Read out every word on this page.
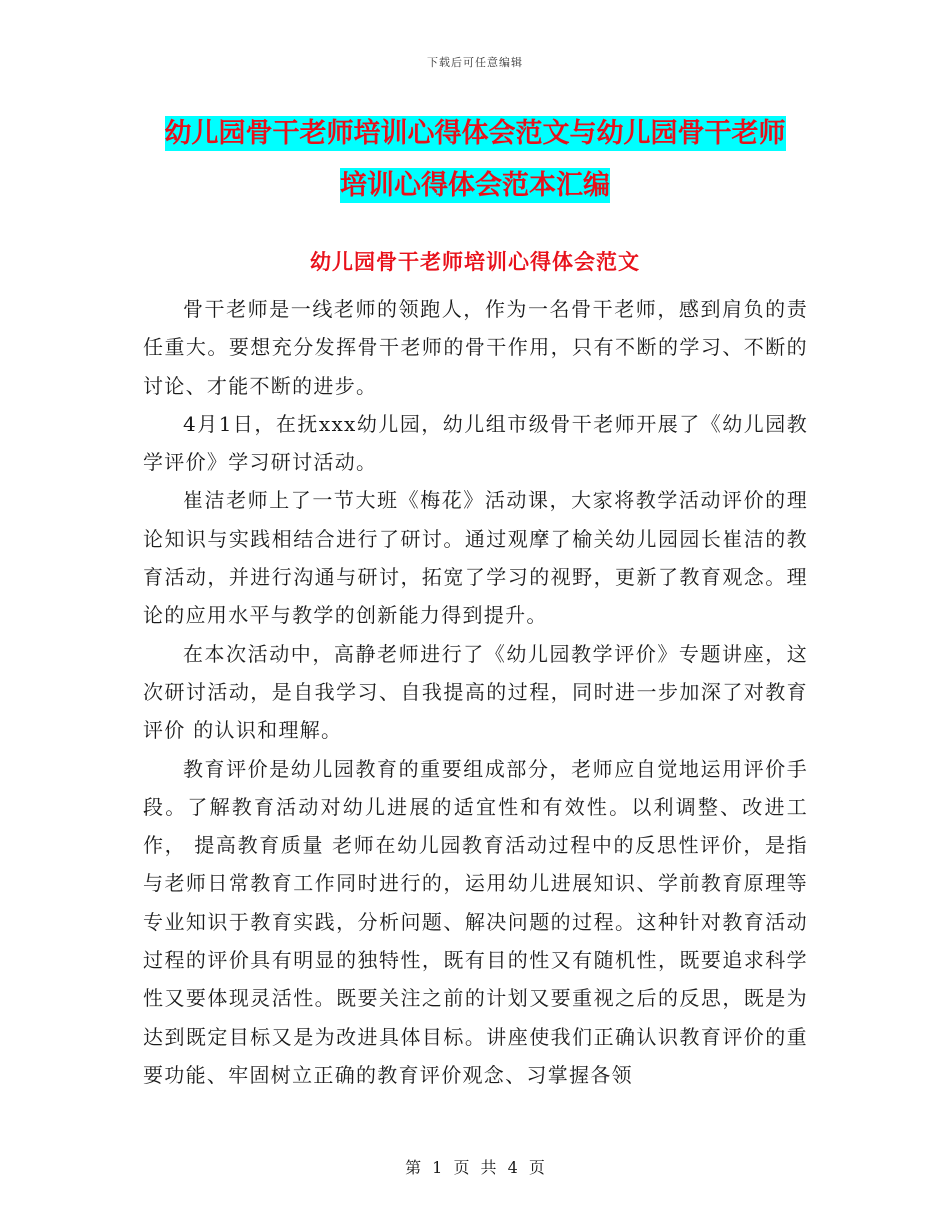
下载后可任意编辑
幼儿园骨干老师培训心得体会范文与幼儿园骨干老师
培训心得体会范本汇编
幼儿园骨干老师培训心得体会范文

骨干老师是一线老师的领跑人，作为一名骨干老师，感到肩负的责任重大。要想充分发挥骨干老师的骨干作用，只有不断的学习、不断的讨论、才能不断的进步。

4月1日，在抚xxx幼儿园，幼儿组市级骨干老师开展了《幼儿园教学评价》学习研讨活动。

崔洁老师上了一节大班《梅花》活动课，大家将教学活动评价的理论知识与实践相结合进行了研讨。通过观摩了榆关幼儿园园长崔洁的教育活动，并进行沟通与研讨，拓宽了学习的视野，更新了教育观念。理论的应用水平与教学的创新能力得到提升。

在本次活动中，高静老师进行了《幼儿园教学评价》专题讲座，这次研讨活动，是自我学习、自我提高的过程，同时进一步加深了对教育评价 的认识和理解。

教育评价是幼儿园教育的重要组成部分，老师应自觉地运用评价手段。了解教育活动对幼儿进展的适宜性和有效性。以利调整、改进工作， 提高教育质量 老师在幼儿园教育活动过程中的反思性评价，是指与老师日常教育工作同时进行的，运用幼儿进展知识、学前教育原理等专业知识于教育实践，分析问题、解决问题的过程。这种针对教育活动过程的评价具有明显的独特性，既有目的性又有随机性，既要追求科学性又要体现灵活性。既要关注之前的计划又要重视之后的反思，既是为达到既定目标又是为改进具体目标。讲座使我们正确认识教育评价的重要功能、牢固树立正确的教育评价观念、习掌握各领

第 1 页 共 4 页
